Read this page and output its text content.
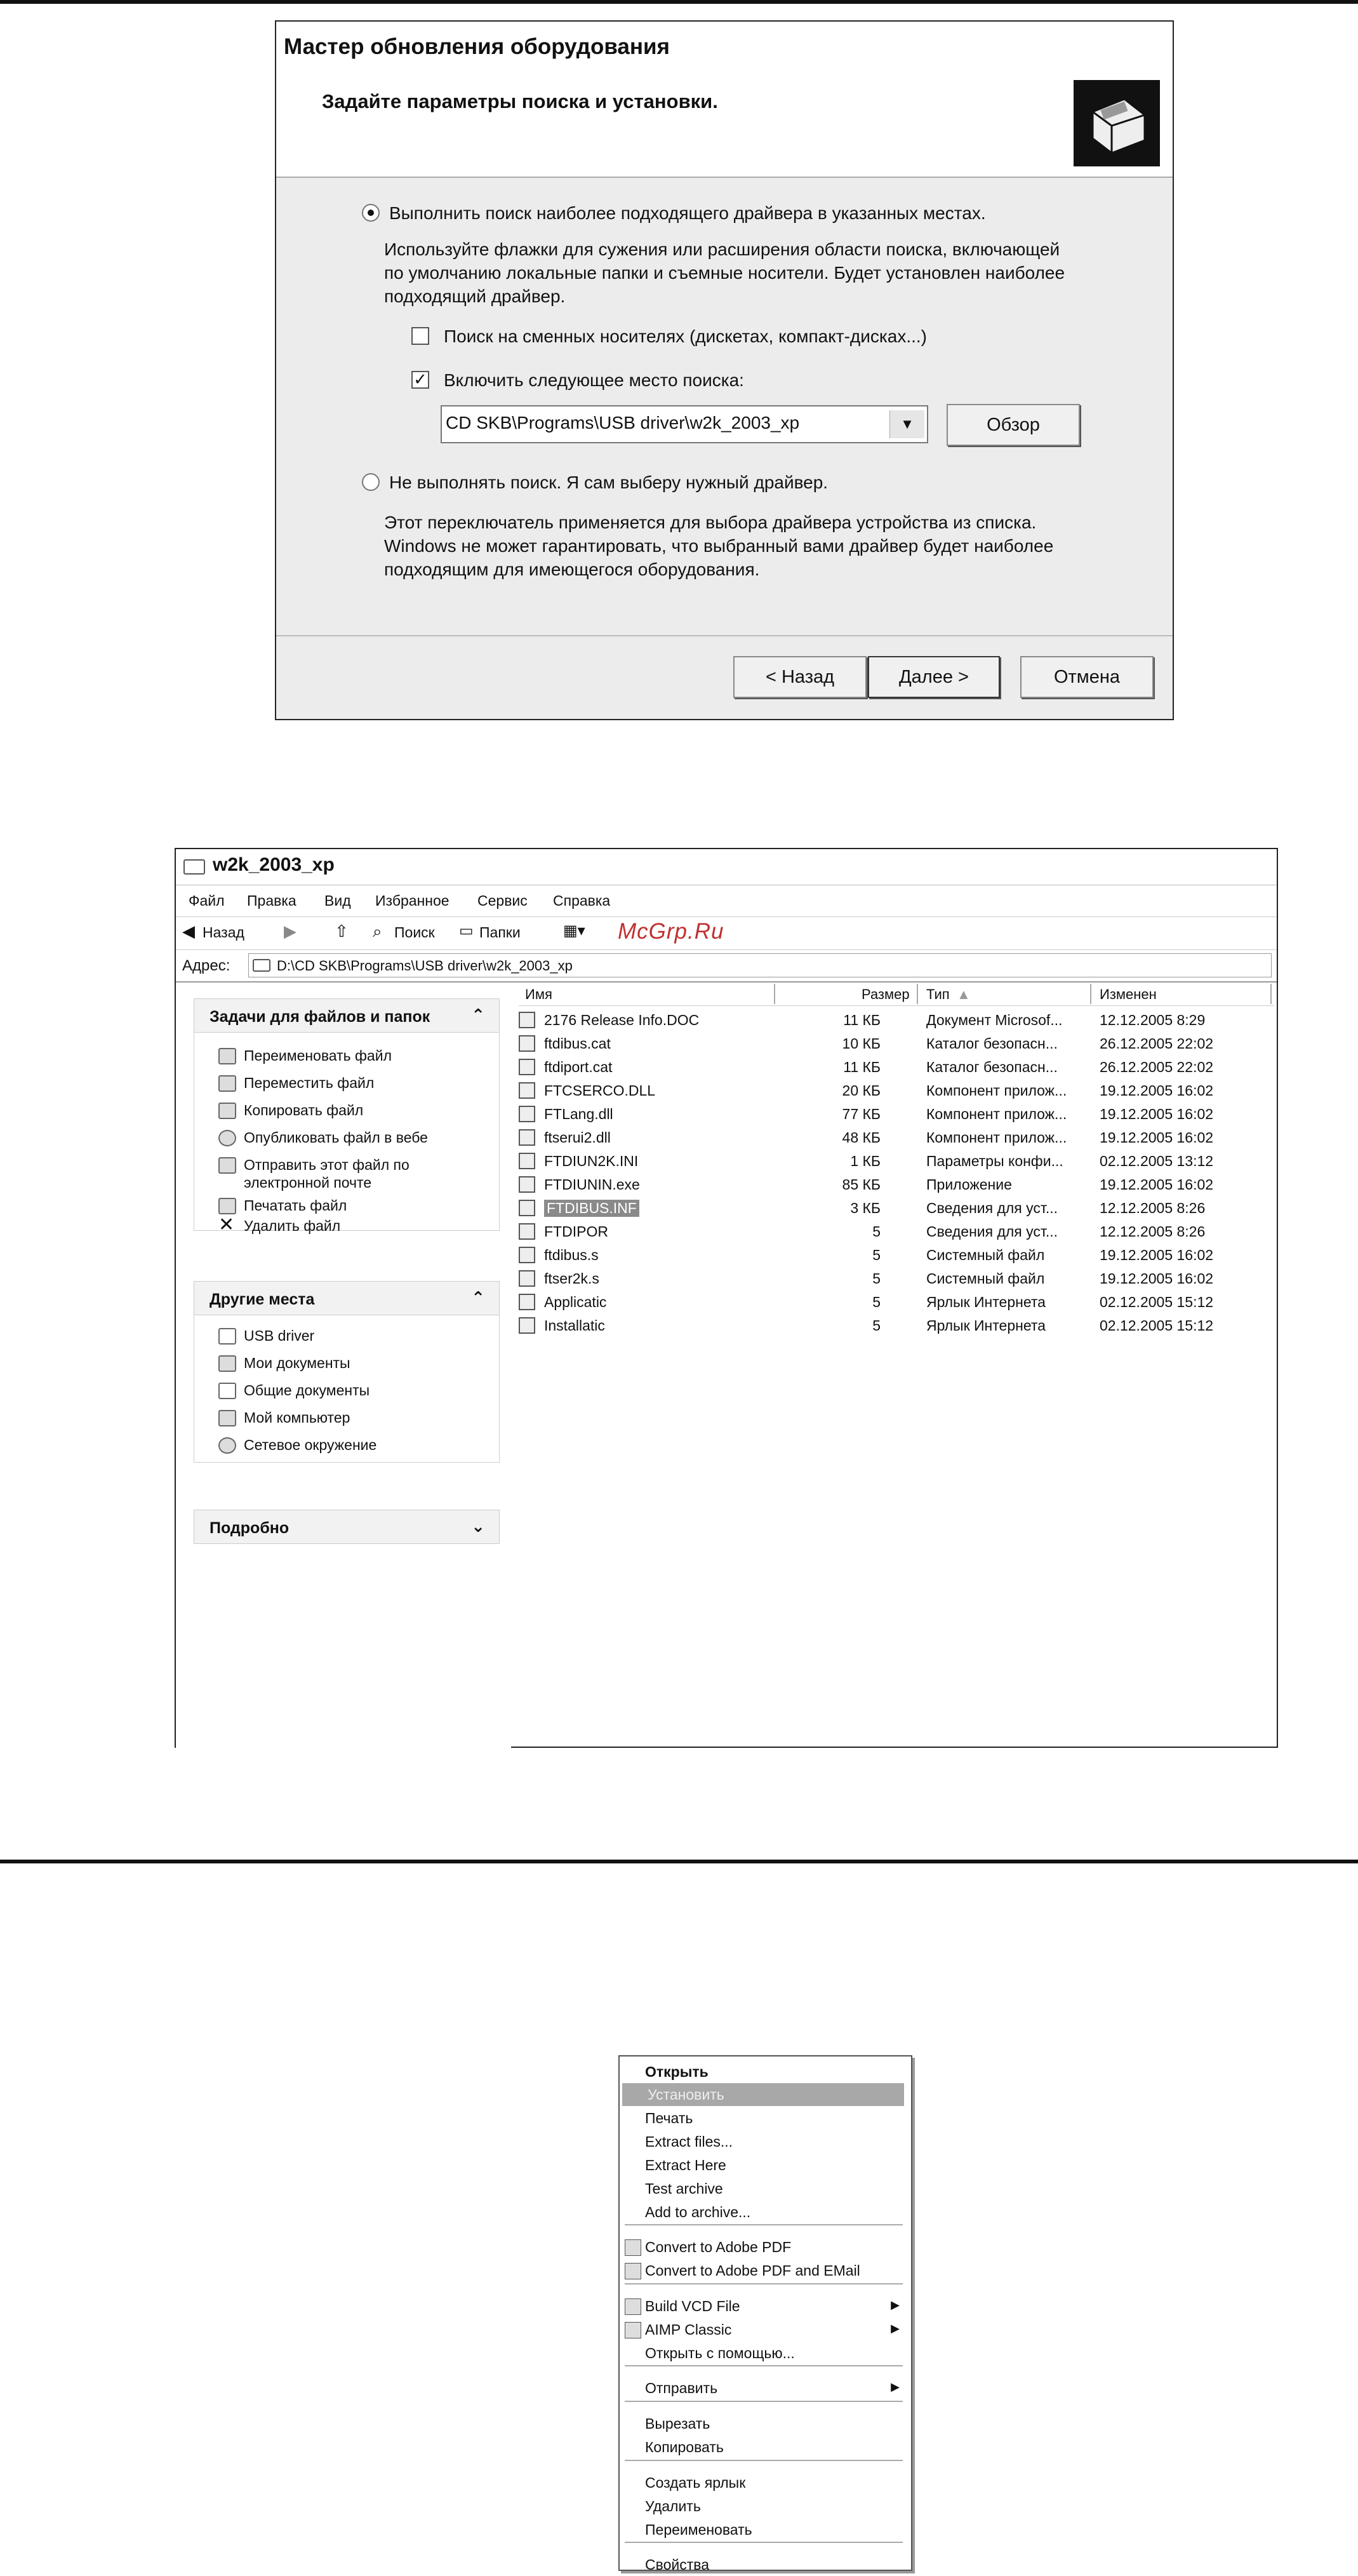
Мастер обновления оборудования
Задайте параметры поиска и установки.
Выполнить поиск наиболее подходящего драйвера в указанных местах.
Используйте флажки для сужения или расширения области поиска, включающей
по умолчанию локальные папки и съемные носители. Будет установлен наиболее
подходящий драйвер.
Поиск на сменных носителях (дискетах, компакт-дисках...)
✓ Включить следующее место поиска:
CD SKB\Programs\USB driver\w2k_2003_xp	▼	Обзор
Не выполнять поиск. Я сам выберу нужный драйвер.
Этот переключатель применяется для выбора драйвера устройства из списка.
Windows не может гарантировать, что выбранный вами драйвер будет наиболее
подходящим для имеющегося оборудования.
< Назад	Далее >	Отмена
w2k_2003_xp
Файл Правка Вид Избранное Сервис Справка
◀ Назад ▶ ⇧ ⌕ Поиск ▭ Папки	▦▾
Адрес:	D:\CD SKB\Programs\USB driver\w2k_2003_xp
Задачи для файлов и папок ⌃
Переименовать файл
Переместить файл
Копировать файл
Опубликовать файл в вебе
Отправить этот файл по
электронной почте
Печатать файл
✕ Удалить файл
Другие места	⌃
USB driver
Мои документы
Общие документы
Мой компьютер
Сетевое окружение
Подробно	⌄
Имя	Размер Тип ▲	Изменен
Открыть
Установить
Печать
Extract files...
Extract Here
Test archive
Add to archive...
Convert to Adobe PDF
Convert to Adobe PDF and EMail
Build VCD File	▶
AIMP Classic	▶
Открыть с помощью...
Отправить	▶
Вырезать
Копировать
Создать ярлык
Удалить
Переименовать
Свойства
2176 Release Info.DOC	11 КБ	Документ Microsof...	12.12.2005 8:29
ftdibus.cat	10 КБ	Каталог безопасн...	26.12.2005 22:02
ftdiport.cat	11 КБ	Каталог безопасн...	26.12.2005 22:02
FTCSERCO.DLL	20 КБ	Компонент прилож... 19.12.2005 16:02
FTLang.dll	77 КБ	Компонент прилож... 19.12.2005 16:02
ftserui2.dll	48 КБ	Компонент прилож... 19.12.2005 16:02
FTDIUN2K.INI	1 КБ	Параметры конфи... 02.12.2005 13:12
FTDIUNIN.exe	85 КБ	Приложение	19.12.2005 16:02
FTDIBUS.INF	3 КБ	Сведения для уст...	12.12.2005 8:26
FTDIPOR	5	Сведения для уст...	12.12.2005 8:26
ftdibus.s	5	Системный файл	19.12.2005 16:02
ftser2k.s	5	Системный файл	19.12.2005 16:02
Applicatic	5	Ярлык Интернета	02.12.2005 15:12
Installatic	5	Ярлык Интернета	02.12.2005 15:12
McGrp.Ru
